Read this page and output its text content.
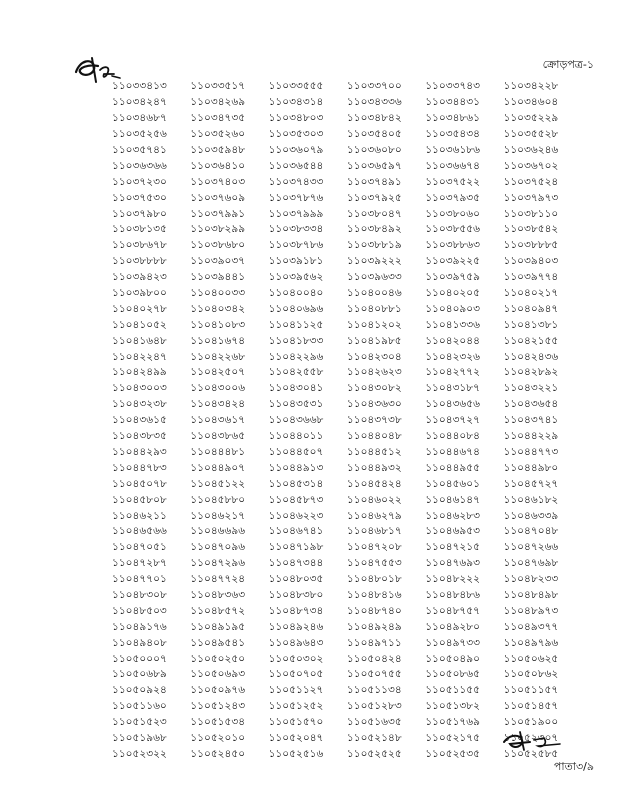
ক্রোড়পত্র-১
১১০৩৩৪১৩	১১০৩৩৫১৭	১১০৩৩৫৫৫	১১০৩৩৭০০	১১০৩৩৭৪৩	১১০৩৪২২৮
১১০৩৪২৪৭	১১০৩৪২৬৯	১১০৩৪৩১৪	১১০৩৪৩৩৬	১১০৩৪৪৩১	১১০৩৪৬০৪
১১০৩৪৬৮৭	১১০৩৪৭৩৫	১১০৩৪৮০৩	১১০৩৪৮৪২	১১০৩৪৮৬১	১১০৩৫২২৯
১১০৩৫২৫৬	১১০৩৫২৬০	১১০৩৫৩০৩	১১০৩৫৪০৫	১১০৩৫৪৩৪	১১০৩৫৫২৮
১১০৩৫৭৪১	১১০৩৫৯৪৮	১১০৩৬০৭৯	১১০৩৬০৮০	১১০৩৬১৮৬	১১০৩৬২৪৬
১১০৩৬৩৬৬	১১০৩৬৪১০	১১০৩৬৫৪৪	১১০৩৬৫৯৭	১১০৩৬৬৭৪	১১০৩৬৭০২
১১০৩৭২৩০	১১০৩৭৪০৩	১১০৩৭৪৩৩	১১০৩৭৪৯১	১১০৩৭৫২২	১১০৩৭৫২৪
১১০৩৭৫৩০	১১০৩৭৬০৯	১১০৩৭৮৭৬	১১০৩৭৯২৫	১১০৩৭৯৩৫	১১০৩৭৯৭৩
১১০৩৭৯৮০	১১০৩৭৯৯১	১১০৩৭৯৯৯	১১০৩৮০৪৭	১১০৩৮০৬০	১১০৩৮১১০
১১০৩৮১৩৫	১১০৩৮২৯৯	১১০৩৮৩৩৪	১১০৩৮৪৯২	১১০৩৮৫৫৬	১১০৩৮৫৪২
১১০৩৮৬৭৮	১১০৩৮৬৮০	১১০৩৮৭৮৬	১১০৩৮৮১৯	১১০৩৮৮৬৩	১১০৩৮৮৮৫
১১০৩৮৮৮৮	১১০৩৯০৩৭	১১০৩৯১৮১	১১০৩৯২২২	১১০৩৯২২৫	১১০৩৯৪০৩
১১০৩৯৪২৩	১১০৩৯৪৪১	১১০৩৯৫৬২	১১০৩৯৬৩৩	১১০৩৯৭৫৯	১১০৩৯৭৭৪
১১০৩৯৮০০	১১০৪০০৩৩	১১০৪০০৪০	১১০৪০০৪৬	১১০৪০২০৫	১১০৪০২১৭
১১০৪০২৭৮	১১০৪০৩৪২	১১০৪০৬৯৬	১১০৪০৮৮১	১১০৪০৯০৩	১১০৪০৯৪৭
১১০৪১০৫২	১১০৪১০৮৩	১১০৪১১২৫	১১০৪১২০২	১১০৪১৩৩৬	১১০৪১৩৮১
১১০৪১৬৪৮	১১০৪১৬৭৪	১১০৪১৮৩৩	১১০৪১৯৮৫	১১০৪২০৪৪	১১০৪২১৫৫
১১০৪২২৪৭	১১০৪২২৬৮	১১০৪২২৯৬	১১০৪২৩০৪	১১০৪২৩২৬	১১০৪২৪৩৬
১১০৪২৪৯৯	১১০৪২৫০৭	১১০৪২৫৫৮	১১০৪২৬২৩	১১০৪২৭৭২	১১০৪২৮৯২
১১০৪৩০০৩	১১০৪৩০০৬	১১০৪৩০৪১	১১০৪৩০৮২	১১০৪৩১৮৭	১১০৪৩২২১
১১০৪৩২৩৮	১১০৪৩৪২৪	১১০৪৩৫৩১	১১০৪৩৬৩০	১১০৪৩৬৫৬	১১০৪৩৬৫৪
১১০৪৩৬১৫	১১০৪৩৬১৭	১১০৪৩৬৬৮	১১০৪৩৭৩৮	১১০৪৩৭২৭	১১০৪৩৭৪১
১১০৪৩৮৩৫	১১০৪৩৮৬৫	১১০৪৪০১১	১১০৪৪০৪৮	১১০৪৪০৮৪	১১০৪৪২২৯
১১০৪৪২৯৩	১১০৪৪৪৮১	১১০৪৪৫০৭	১১০৪৪৫১২	১১০৪৪৬৭৪	১১০৪৪৭৭৩
১১০৪৪৭৮৩	১১০৪৪৯০৭	১১০৪৪৯১৩	১১০৪৪৯৩২	১১০৪৪৯৫৫	১১০৪৪৯৮০
১১০৪৫০৭৮	১১০৪৫১২২	১১০৪৫৩১৪	১১০৪৫৪২৪	১১০৪৫৬০১	১১০৪৫৭২৭
১১০৪৫৮০৮	১১০৪৫৮৮০	১১০৪৫৮৭৩	১১০৪৬০২২	১১০৪৬১৪৭	১১০৪৬১৮২
১১০৪৬২১১	১১০৪৬২১৭	১১০৪৬২২৩	১১০৪৬২৭৯	১১০৪৬২৮৩	১১০৪৬৩৩৯
১১০৪৬৫৬৬	১১০৪৬৬৯৬	১১০৪৬৭৪১	১১০৪৬৮১৭	১১০৪৬৯৫৩	১১০৪৭০৪৮
১১০৪৭০৫১	১১০৪৭০৯৬	১১০৪৭১৯৮	১১০৪৭২০৮	১১০৪৭২১৫	১১০৪৭২৬৬
১১০৪৭২৮৭	১১০৪৭২৯৬	১১০৪৭৩৪৪	১১০৪৭৫৫৩	১১০৪৭৬৯৩	১১০৪৭৬৯৮
১১০৪৭৭০১	১১০৪৭৭২৪	১১০৪৮০৩৫	১১০৪৮০১৮	১১০৪৮২২২	১১০৪৮২৩৩
১১০৪৮৩০৮	১১০৪৮৩৬৩	১১০৪৮৩৮০	১১০৪৮৪১৬	১১০৪৮৪৮৬	১১০৪৮৪৯৮
১১০৪৮৫০৩	১১০৪৮৫৭২	১১০৪৮৭৩৪	১১০৪৮৭৪০	১১০৪৮৭৫৭	১১০৪৮৯৭৩
১১০৪৯১৭৬	১১০৪৯১৯৫	১১০৪৯২৪৬	১১০৪৯২৪৯	১১০৪৯২৮০	১১০৪৯৩৭৭
১১০৪৯৪০৮	১১০৪৯৫৪১	১১০৪৯৬৪৩	১১০৪৯৭১১	১১০৪৯৭৩৩	১১০৪৯৭৯৬
১১০৫০০০৭	১১০৫০২৫০	১১০৫০৩০২	১১০৫০৪২৪	১১০৫০৪৯০	১১০৫০৬২৫
১১০৫০৬৮৯	১১০৫০৬৯৩	১১০৫০৭০৫	১১০৫০৭৫৫	১১০৫০৮৬৫	১১০৫০৮৬২
১১০৫০৯২৪	১১০৫০৯৭৬	১১০৫১১২৭	১১০৫১১৩৪	১১০৫১১৫৫	১১০৫১১৫৭
১১০৫১১৬০	১১০৫১২৪৩	১১০৫১২৫২	১১০৫১২৮৩	১১০৫১৩৮২	১১০৫১৪৫৭
১১০৫১৫২৩	১১০৫১৫৩৪	১১০৫১৫৭০	১১০৫১৬৩৫	১১০৫১৭৬৯	১১০৫১৯০০
১১০৫১৯৬৮	১১০৫২০১০	১১০৫২০৪৭	১১০৫২১৪৮	১১০৫২১৭৫	১১০৫২৩০৭
১১০৫২৩২২	১১০৫২৪৫০	১১০৫২৫১৬	১১০৫২৫২৫	১১০৫২৫৩৫	১১০৫২৫৮৫
পাতা৩/৯
